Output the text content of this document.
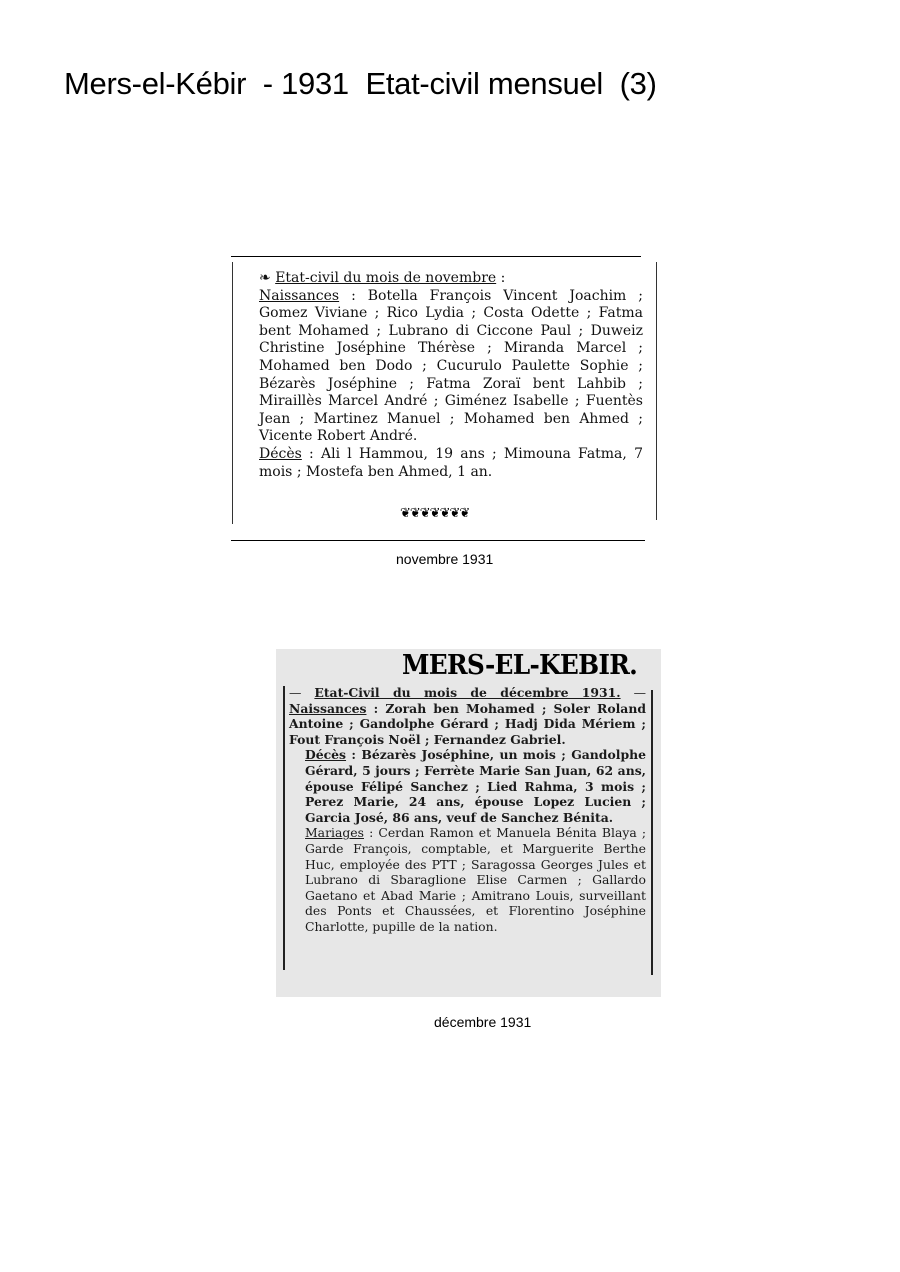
Mers-el-Kébir  - 1931  Etat-civil mensuel  (3)

❧ Etat-civil du mois de novembre :

Naissances : Botella François Vincent Joachim ; Gomez Viviane ; Rico Lydia ; Costa Odette ; Fatma bent Mohamed ; Lubrano di Ciccone Paul ; Duweiz Christine Joséphine Thérèse ; Miranda Marcel ; Mohamed ben Dodo ; Cucurulo Paulette Sophie ; Bézarès Joséphine ; Fatma Zoraï bent Lahbib ; Miraillès Marcel André ; Giménez Isabelle ; Fuentès Jean ; Martinez Manuel ; Mohamed ben Ahmed ; Vicente Robert André.

Décès : Ali l Hammou, 19 ans ; Mimouna Fatma, 7 mois ; Mostefa ben Ahmed, 1 an.

❦❦❦❦❦❦❦
novembre 1931
MERS-EL-KEBIR.

— Etat-Civil du mois de décembre 1931. — Naissances : Zorah ben Mohamed ; Soler Roland Antoine ; Gandolphe Gérard ; Hadj Dida Mériem ; Fout François Noël ; Fernandez Gabriel.

Décès : Bézarès Joséphine, un mois ; Gandolphe Gérard, 5 jours ; Ferrète Marie San Juan, 62 ans, épouse Félipé Sanchez ; Lied Rahma, 3 mois ; Perez Marie, 24 ans, épouse Lopez Lucien ; Garcia José, 86 ans, veuf de Sanchez Bénita.

Mariages : Cerdan Ramon et Manuela Bénita Blaya ; Garde François, comptable, et Marguerite Berthe Huc, employée des PTT ; Saragossa Georges Jules et Lubrano di Sbaraglione Elise Carmen ; Gallardo Gaetano et Abad Marie ; Amitrano Louis, surveillant des Ponts et Chaussées, et Florentino Joséphine Charlotte, pupille de la nation.

décembre 1931
